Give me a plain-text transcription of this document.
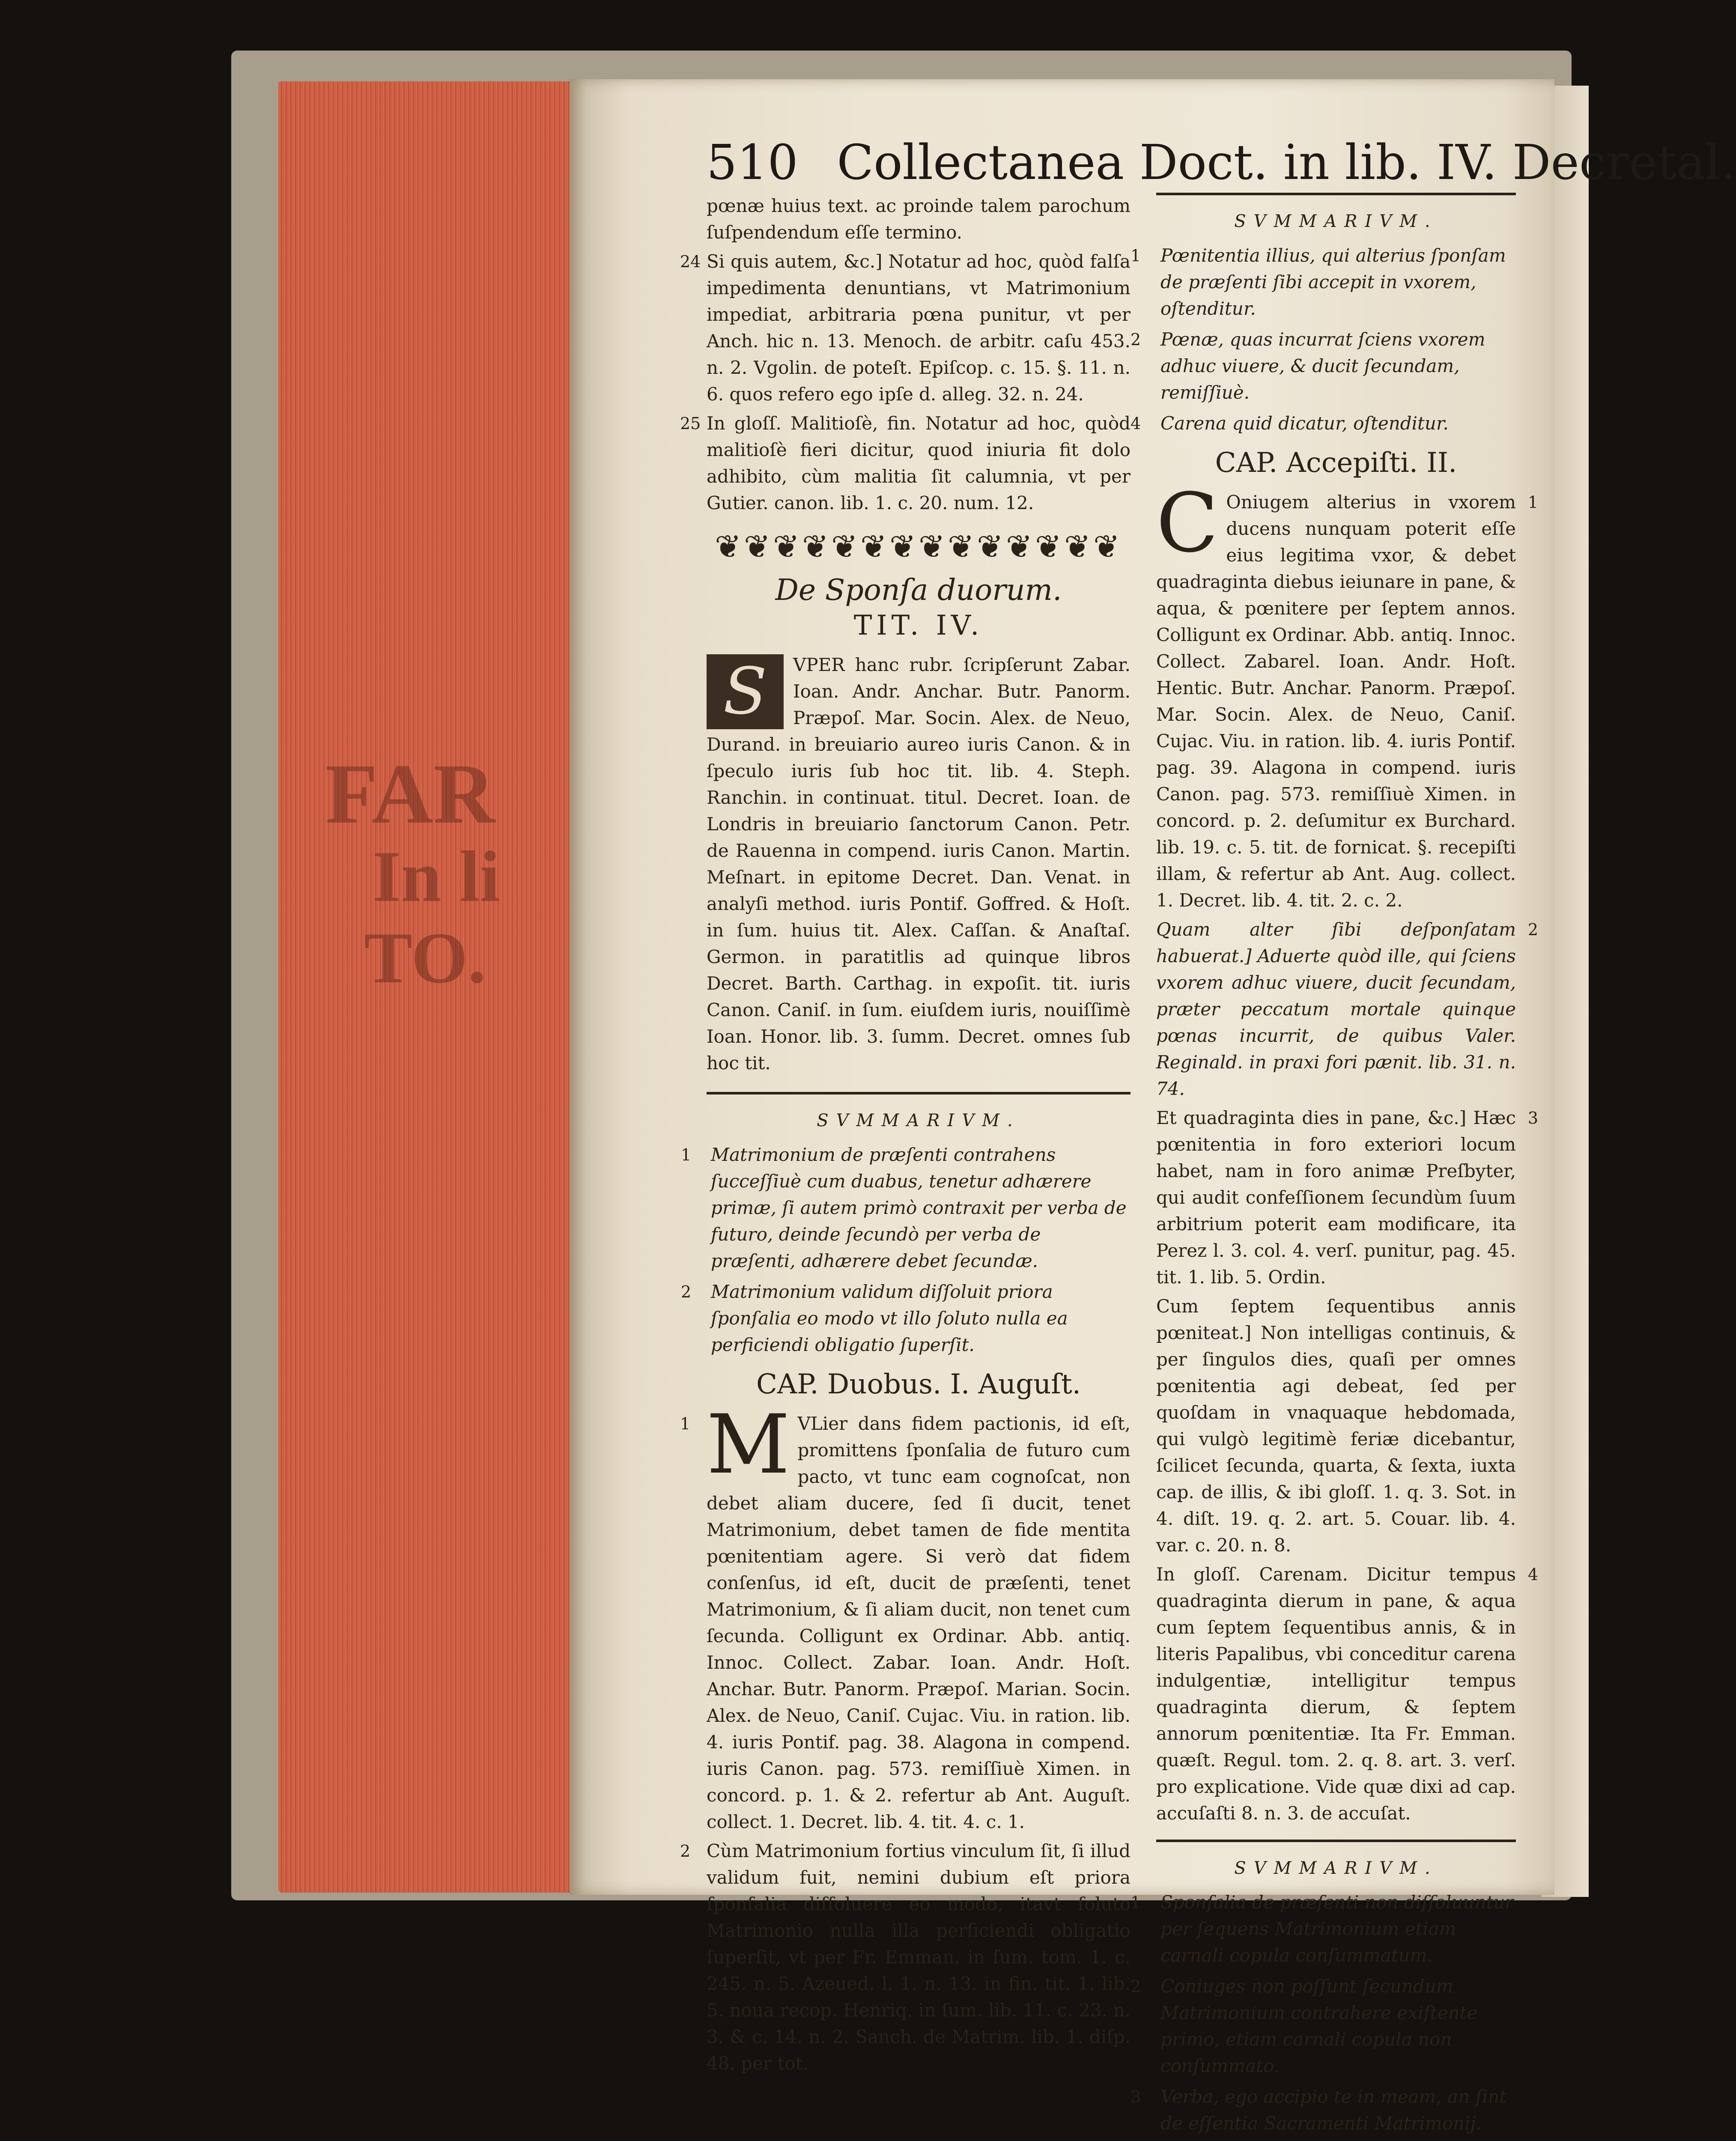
FAR
In li
TO.
510 Collectanea Doct. in lib. IV. Decretal.

pœnæ huius text. ac proinde talem parochum ſuſpendendum eſſe termino.

24 Si quis autem, &c.] Notatur ad hoc, quòd falſa impedimenta denuntians, vt Matrimonium impediat, arbitraria pœna punitur, vt per Anch. hic n. 13. Menoch. de arbitr. caſu 453. n. 2. Vgolin. de poteſt. Epiſcop. c. 15. §. 11. n. 6. quos refero ego ipſe d. alleg. 32. n. 24.

25 In gloſſ. Malitioſè, fin. Notatur ad hoc, quòd malitioſè fieri dicitur, quod iniuria fit dolo adhibito, cùm malitia ſit calumnia, vt per Gutier. canon. lib. 1. c. 20. num. 12.

❦❦❦❦❦❦❦❦❦❦❦❦❦❦
De Sponſa duorum.
TIT. IV.

S	VPER hanc rubr. ſcripſerunt Zabar. Ioan. Andr. Anchar. Butr. Panorm. Præpoſ. Mar. Socin. Alex. de Neuo, Durand. in breuiario aureo iuris Canon. & in ſpeculo iuris ſub hoc tit. lib. 4. Steph. Ranchin. in continuat. titul. Decret. Ioan. de Londris in breuiario ſanctorum Canon. Petr. de Rauenna in compend. iuris Canon. Martin. Meſnart. in epitome Decret. Dan. Venat. in analyſi method. iuris Pontif. Goffred. & Hoſt. in ſum. huius tit. Alex. Caſſan. & Anaſtaſ. Germon. in paratitlis ad quinque libros Decret. Barth. Carthag. in expoſit. tit. iuris Canon. Caniſ. in ſum. eiuſdem iuris, nouiſſimè Ioan. Honor. lib. 3. ſumm. Decret. omnes ſub hoc tit.

SVMMARIVM.
1 Matrimonium de præſenti contrahens ſucceſſiuè cum duabus, tenetur adhærere primæ, ſi autem primò contraxit per verba de futuro, deinde ſecundò per verba de præſenti, adhærere debet ſecundæ.
2 Matrimonium validum diſſoluit priora ſponſalia eo modo vt illo ſoluto nulla ea perficiendi obligatio ſuperſit.
CAP. Duobus. I. Auguſt.

1 M VLier dans fidem pactionis, id eſt, promittens ſponſalia de futuro cum pacto, vt tunc eam cognoſcat, non debet aliam ducere, ſed ſi ducit, tenet Matrimonium, debet tamen de fide mentita pœnitentiam agere. Si verò dat fidem conſenſus, id eſt, ducit de præſenti, tenet Matrimonium, & ſi aliam ducit, non tenet cum ſecunda. Colligunt ex Ordinar. Abb. antiq. Innoc. Collect. Zabar. Ioan. Andr. Hoſt. Anchar. Butr. Panorm. Præpoſ. Marian. Socin. Alex. de Neuo, Caniſ. Cujac. Viu. in ration. lib. 4. iuris Pontif. pag. 38. Alagona in compend. iuris Canon. pag. 573. remiſſiuè Ximen. in concord. p. 1. & 2. refertur ab Ant. Auguſt. collect. 1. Decret. lib. 4. tit. 4. c. 1.

2 Cùm Matrimonium fortius vinculum ſit, ſi illud validum fuit, nemini dubium eſt priora ſponſalia diſſoluere eo modo, itavt ſoluto Matrimonio nulla illa perficiendi obligatio ſuperſit, vt per Fr. Emman. in ſum. tom. 1. c. 245. n. 5. Azeued. l. 1. n. 13. in fin. tit. 1. lib. 5. noua recop. Henriq. in ſum. lib. 11. c. 23. n. 3. & c. 14. n. 2. Sanch. de Matrim. lib. 1. diſp. 48. per tot.

SVMMARIVM.
1 Pœnitentia illius, qui alterius ſponſam de præſenti ſibi accepit in vxorem, oſtenditur.
2 Pœnæ, quas incurrat ſciens vxorem adhuc viuere, & ducit ſecundam, remiſſiuè.
4 Carena quid dicatur, oſtenditur.
CAP. Accepiſti. II.

1
C Oniugem alterius in vxorem ducens nunquam poterit eſſe eius legitima vxor, & debet quadraginta diebus ieiunare in pane, & aqua, & pœnitere per ſeptem annos. Colligunt ex Ordinar. Abb. antiq. Innoc. Collect. Zabarel. Ioan. Andr. Hoſt. Hentic. Butr. Anchar. Panorm. Præpoſ. Mar. Socin. Alex. de Neuo, Caniſ. Cujac. Viu. in ration. lib. 4. iuris Pontif. pag. 39. Alagona in compend. iuris Canon. pag. 573. remiſſiuè Ximen. in concord. p. 2. deſumitur ex Burchard. lib. 19. c. 5. tit. de fornicat. §. recepiſti illam, & refertur ab Ant. Aug. collect. 1. Decret. lib. 4. tit. 2. c. 2.

2
Quam alter ſibi deſponſatam habuerat.] Aduerte quòd ille, qui ſciens vxorem adhuc viuere, ducit ſecundam, præter peccatum mortale quinque pœnas incurrit, de quibus Valer. Reginald. in praxi fori pænit. lib. 31. n. 74.

3
Et quadraginta dies in pane, &c.] Hæc pœnitentia in foro exteriori locum habet, nam in foro animæ Preſbyter, qui audit confeſſionem ſecundùm ſuum arbitrium poterit eam modificare, ita Perez l. 3. col. 4. verſ. punitur, pag. 45. tit. 1. lib. 5. Ordin.

Cum ſeptem ſequentibus annis pœniteat.] Non intelligas continuis, & per ſingulos dies, quaſi per omnes pœnitentia agi debeat, ſed per quoſdam in vnaquaque hebdomada, qui vulgò legitimè feriæ dicebantur, ſcilicet ſecunda, quarta, & ſexta, iuxta cap. de illis, & ibi gloſſ. 1. q. 3. Sot. in 4. diſt. 19. q. 2. art. 5. Couar. lib. 4. var. c. 20. n. 8.

4
In gloſſ. Carenam. Dicitur tempus quadraginta dierum in pane, & aqua cum ſeptem ſequentibus annis, & in literis Papalibus, vbi conceditur carena indulgentiæ, intelligitur tempus quadraginta dierum, & ſeptem annorum pœnitentiæ. Ita Fr. Emman. quæſt. Regul. tom. 2. q. 8. art. 3. verſ. pro explicatione. Vide quæ dixi ad cap. accuſaſti 8. n. 3. de accuſat.

SVMMARIVM.
1 Sponſalia de præſenti non diſſoluuntur per ſequens Matrimonium etiam carnali copula conſummatum.
2 Coniuges non poſſunt ſecundum Matrimonium contrahere exiſtente primo, etiam carnali copula non conſummato.
3 Verba, ego accipio te in meam, an ſint de eſſentia Sacramenti Matrimonij.
